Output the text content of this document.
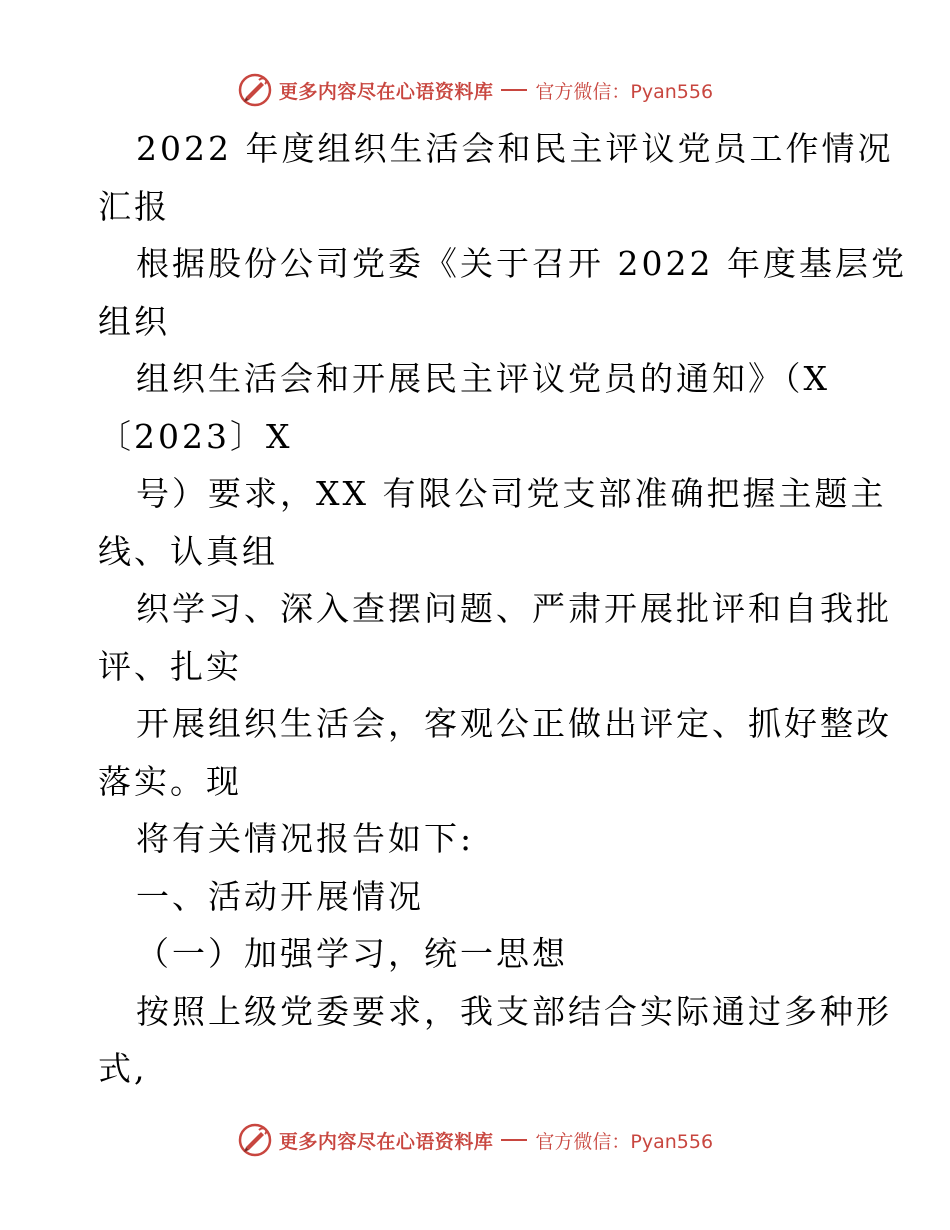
更多内容尽在心语资料库 官方微信：Pyan556
2022 年度组织生活会和民主评议党员工作情况
汇报
根据股份公司党委《关于召开 2022 年度基层党
组织
组织生活会和开展民主评议党员的通知》（X
〔2023〕X
号）要求，XX 有限公司党支部准确把握主题主
线、认真组
织学习、深入查摆问题、严肃开展批评和自我批
评、扎实
开展组织生活会，客观公正做出评定、抓好整改
落实。现
将有关情况报告如下:
一、活动开展情况
（一）加强学习，统一思想
按照上级党委要求，我支部结合实际通过多种形
式,
更多内容尽在心语资料库 官方微信：Pyan556
